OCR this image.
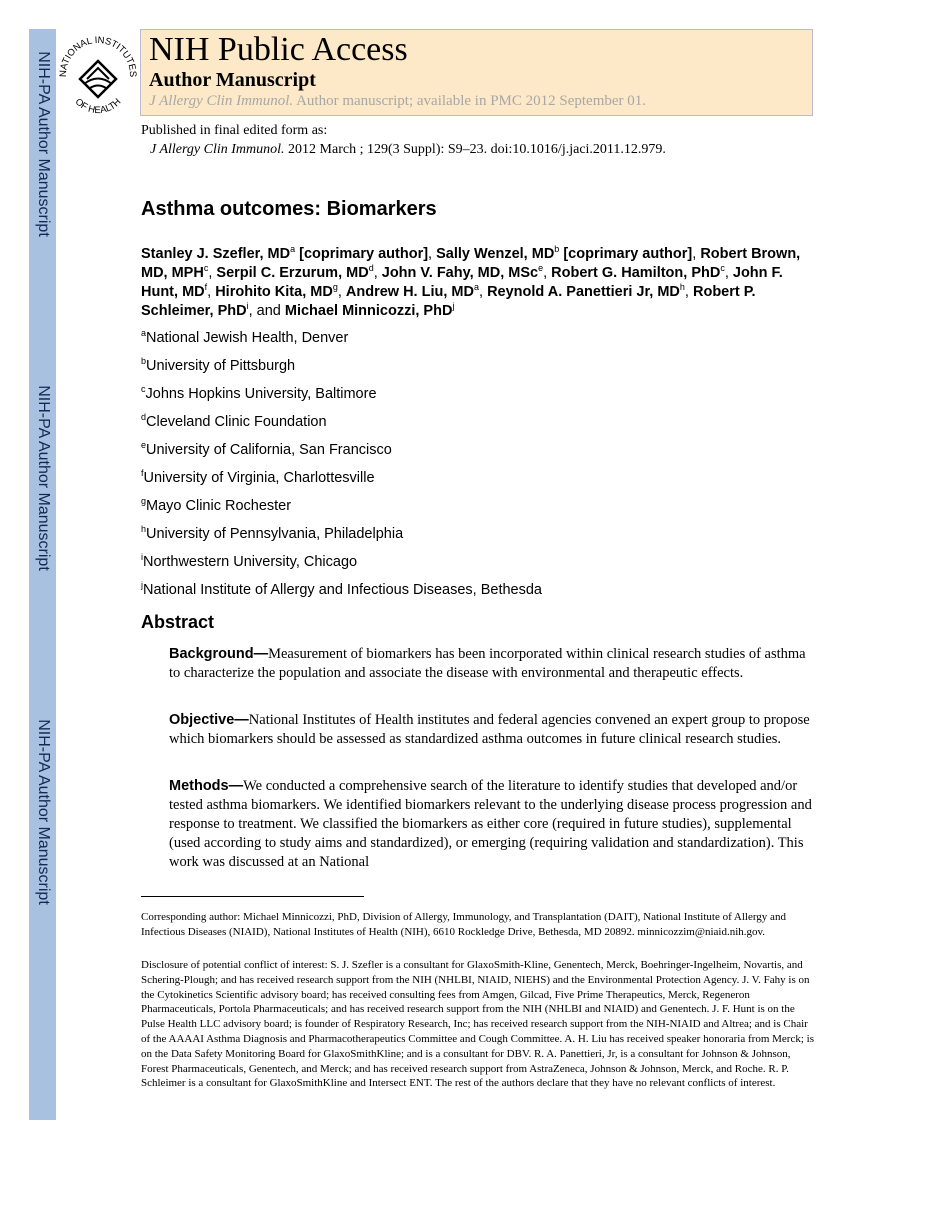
NIH-PA Author Manuscript
NIH-PA Author Manuscript
NIH-PA Author Manuscript
NATIONAL INSTITUTES
OF HEALTH
NIH Public Access
Author Manuscript
J Allergy Clin Immunol. Author manuscript; available in PMC 2012 September 01.
Published in final edited form as:
J Allergy Clin Immunol. 2012 March ; 129(3 Suppl): S9–23. doi:10.1016/j.jaci.2011.12.979.
Asthma outcomes: Biomarkers
Stanley J. Szefler, $MD^a$ [coprimary author], Sally Wenzel, $MD^b$ [coprimary author], Robert Brown, MD, MPH$^c$, Serpil C. Erzurum, $MD^d$, John V. Fahy, MD, MSc$^e$, Robert G. Hamilton, PhD$^c$, John F. Hunt, $MD^f$, Hirohito Kita, $MD^g$, Andrew H. Liu, $MD^a$, Reynold A. Panettieri Jr, $MD^h$, Robert P. Schleimer, PhD$^i$, and Michael Minnicozzi, PhD$^j$
$^a$National Jewish Health, Denver
$^b$University of Pittsburgh
$^c$Johns Hopkins University, Baltimore
$^d$Cleveland Clinic Foundation
$^e$University of California, San Francisco
$^f$University of Virginia, Charlottesville
$^g$Mayo Clinic Rochester
$^h$University of Pennsylvania, Philadelphia
$^i$Northwestern University, Chicago
$^j$National Institute of Allergy and Infectious Diseases, Bethesda
Abstract
Background—Measurement of biomarkers has been incorporated within clinical research studies of asthma to characterize the population and associate the disease with environmental and therapeutic effects.
Objective—National Institutes of Health institutes and federal agencies convened an expert group to propose which biomarkers should be assessed as standardized asthma outcomes in future clinical research studies.
Methods—We conducted a comprehensive search of the literature to identify studies that developed and/or tested asthma biomarkers. We identified biomarkers relevant to the underlying disease process progression and response to treatment. We classified the biomarkers as either core (required in future studies), supplemental (used according to study aims and standardized), or emerging (requiring validation and standardization). This work was discussed at an National
Corresponding author: Michael Minnicozzi, PhD, Division of Allergy, Immunology, and Transplantation (DAIT), National Institute of Allergy and Infectious Diseases (NIAID), National Institutes of Health (NIH), 6610 Rockledge Drive, Bethesda, MD 20892. minnicozzim@niaid.nih.gov.
Disclosure of potential conflict of interest: S. J. Szefler is a consultant for GlaxoSmith-Kline, Genentech, Merck, Boehringer-Ingelheim, Novartis, and Schering-Plough; and has received research support from the NIH (NHLBI, NIAID, NIEHS) and the Environmental Protection Agency. J. V. Fahy is on the Cytokinetics Scientific advisory board; has received consulting fees from Amgen, Gilcad, Five Prime Therapeutics, Merck, Regeneron Pharmaceuticals, Portola Pharmaceuticals; and has received research support from the NIH (NHLBI and NIAID) and Genentech. J. F. Hunt is on the Pulse Health LLC advisory board; is founder of Respiratory Research, Inc; has received research support from the NIH-NIAID and Altrea; and is Chair of the AAAAI Asthma Diagnosis and Pharmacotherapeutics Committee and Cough Committee. A. H. Liu has received speaker honoraria from Merck; is on the Data Safety Monitoring Board for GlaxoSmithKline; and is a consultant for DBV. R. A. Panettieri, Jr, is a consultant for Johnson & Johnson, Forest Pharmaceuticals, Genentech, and Merck; and has received research support from AstraZeneca, Johnson & Johnson, Merck, and Roche. R. P. Schleimer is a consultant for GlaxoSmithKline and Intersect ENT. The rest of the authors declare that they have no relevant conflicts of interest.
